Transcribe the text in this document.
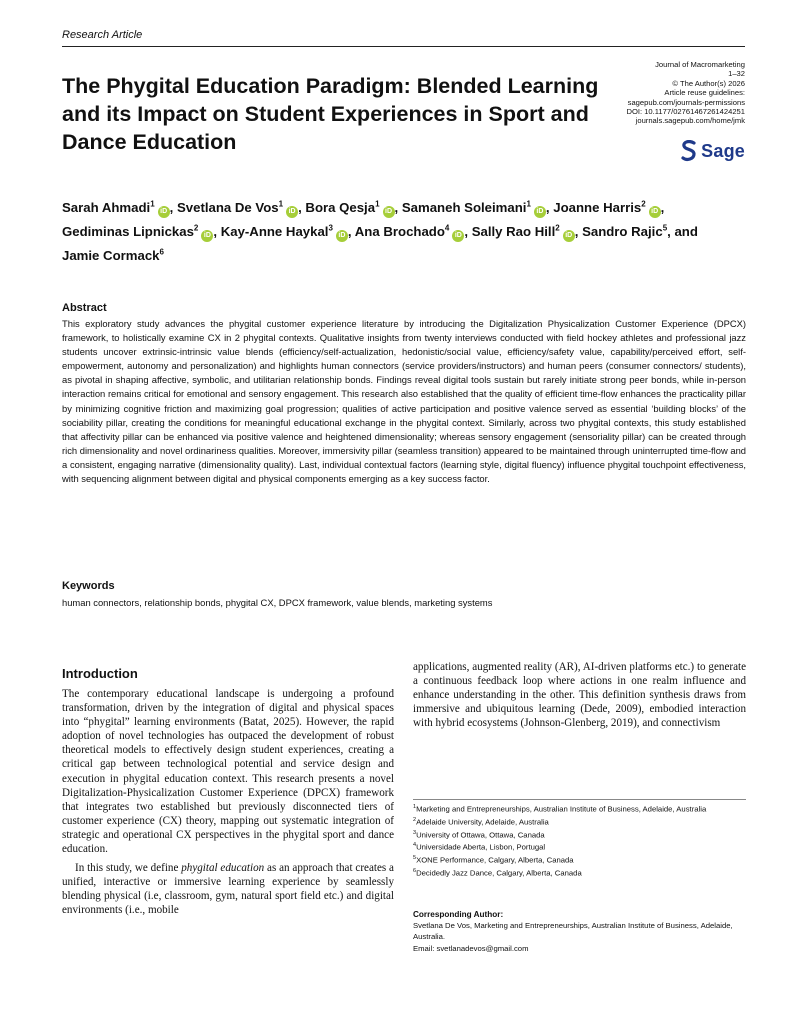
Research Article
The Phygital Education Paradigm: Blended Learning and its Impact on Student Experiences in Sport and Dance Education
Journal of Macromarketing
1–32
© The Author(s) 2026
Article reuse guidelines:
sagepub.com/journals-permissions
DOI: 10.1177/02761467261424251
journals.sagepub.com/home/jmk
Sage
Sarah Ahmadi$^1$iD , Svetlana De Vos$^1$iD , Bora Qesja$^1$iD , Samaneh Soleimani$^1$iD , Joanne Harris$^2$iD , Gediminas Lipnickas$^2$iD , Kay-Anne Haykal$^3$iD , Ana Brochado$^4$iD , Sally Rao Hill$^2$iD , Sandro Rajic$^5$, and Jamie Cormack$^6$
Abstract
This exploratory study advances the phygital customer experience literature by introducing the Digitalization Physicalization Customer Experience (DPCX) framework, to holistically examine CX in 2 phygital contexts. Qualitative insights from twenty interviews conducted with field hockey athletes and professional jazz students uncover extrinsic-intrinsic value blends (efficiency/self-actualization, hedonistic/social value, efficiency/safety value, capability/perceived effort, self-empowerment, autonomy and personalization) and highlights human connectors (service providers/instructors) and human peers (consumer connectors/ students), as pivotal in shaping affective, symbolic, and utilitarian relationship bonds. Findings reveal digital tools sustain but rarely initiate strong peer bonds, while in-person interaction remains critical for emotional and sensory engagement. This research also established that the quality of efficient time-flow enhances the practicality pillar by minimizing cognitive friction and maximizing goal progression; qualities of active participation and positive valence served as essential ‘building blocks’ of the sociability pillar, creating the conditions for meaningful educational exchange in the phygital context. Similarly, across two phygital contexts, this study established that affectivity pillar can be enhanced via positive valence and heightened dimensionality; whereas sensory engagement (sensoriality pillar) can be created through rich dimensionality and novel ordinariness qualities. Moreover, immersivity pillar (seamless transition) appeared to be maintained through uninterrupted time-flow and a consistent, engaging narrative (dimensionality quality). Last, individual contextual factors (learning style, digital fluency) influence phygital touchpoint effectiveness, with sequencing alignment between digital and physical components emerging as a key success factor.
Keywords
human connectors, relationship bonds, phygital CX, DPCX framework, value blends, marketing systems
Introduction

The contemporary educational landscape is undergoing a profound transformation, driven by the integration of digital and physical spaces into “phygital” learning environments (Batat, 2025). However, the rapid adoption of novel technologies has outpaced the development of robust theoretical models to effectively design student experiences, creating a critical gap between technological potential and service design and execution in phygital education context. This research presents a novel Digitalization-Physicalization Customer Experience (DPCX) framework that integrates two established but previously disconnected tiers of customer experience (CX) theory, mapping out systematic integration of strategic and operational CX perspectives in the phygital sport and dance education.

In this study, we define phygital education as an approach that creates a unified, interactive or immersive learning experience by seamlessly blending physical (i.e, classroom, gym, natural sport field etc.) and digital environments (i.e., mobile

applications, augmented reality (AR), AI-driven platforms etc.) to generate a continuous feedback loop where actions in one realm influence and enhance understanding in the other. This definition synthesis draws from immersive and ubiquitous learning (Dede, 2009), embodied interaction with hybrid ecosystems (Johnson-Glenberg, 2019), and connectivism
$^1$Marketing and Entrepreneurships, Australian Institute of Business, Adelaide, Australia
$^2$Adelaide University, Adelaide, Australia
$^3$University of Ottawa, Ottawa, Canada
$^4$Universidade Aberta, Lisbon, Portugal
$^5$XONE Performance, Calgary, Alberta, Canada
$^6$Decidedly Jazz Dance, Calgary, Alberta, Canada
Corresponding Author:
Svetlana De Vos, Marketing and Entrepreneurships, Australian Institute of Business, Adelaide, Australia.
Email: svetlanadevos@gmail.com
